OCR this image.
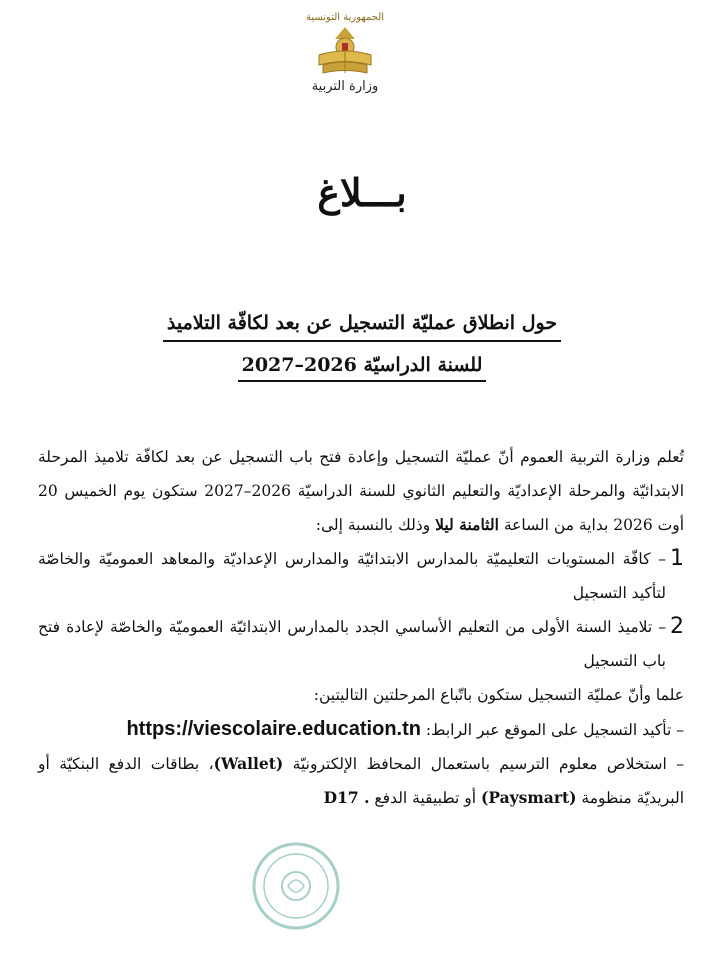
الجمهورية التونسية
وزارة التربية
بـــلاغ
حول انطلاق عمليّة التسجيل عن بعد لكافّة التلاميذ
للسنة الدراسيّة 2026–2027

تُعلم وزارة التربية العموم أنّ عمليّة التسجيل وإعادة فتح باب التسجيل عن بعد لكافّة تلاميذ المرحلة الابتدائيّة والمرحلة الإعداديّة والتعليم الثانوي للسنة الدراسيّة 2026–2027 ستكون يوم الخميس 20 أوت 2026 بداية من الساعة الثامنة ليلا وذلك بالنسبة إلى:

1
– كافّة المستويات التعليميّة بالمدارس الابتدائيّة والمدارس الإعداديّة والمعاهد العموميّة والخاصّة لتأكيد التسجيل
2
– تلاميذ السنة الأولى من التعليم الأساسي الجدد بالمدارس الابتدائيّة العموميّة والخاصّة لإعادة فتح باب التسجيل

علما وأنّ عمليّة التسجيل ستكون باتّباع المرحلتين التاليتين:

– تأكيد التسجيل على الموقع عبر الرابط: https://viescolaire.education.tn

– استخلاص معلوم الترسيم باستعمال المحافظ الإلكترونيّة (Wallet)، بطاقات الدفع البنكيّة أو البريديّة منظومة (Paysmart) أو تطبيقية الدفع D17 .
